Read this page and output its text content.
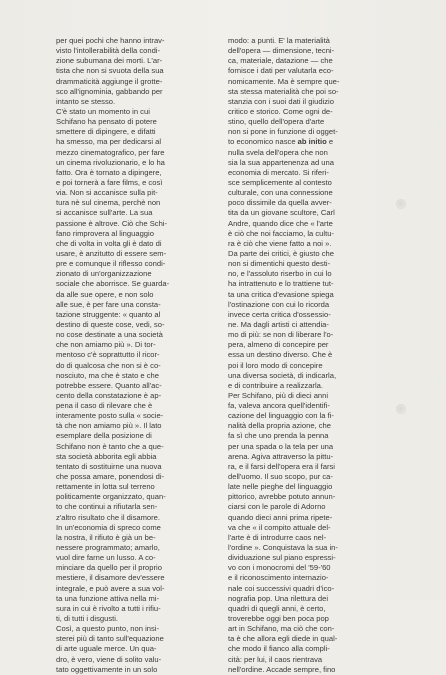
per quei pochi che hanno intrav-
visto l'intollerabilità della condi-
zione subumana dei morti. L'ar-
tista che non si svuota della sua
drammaticità aggiunge il grotte-
sco all'ignominia, gabbando per
intanto se stesso.
C'è stato un momento in cui
Schifano ha pensato di potere
smettere di dipingere, e difatti
ha smesso, ma per dedicarsi al
mezzo cinematografico, per fare
un cinema rivoluzionario, e lo ha
fatto. Ora è tornato a dipingere,
e poi tornerà a fare films, e così
via. Non si accanisce sulla pit-
tura nè sul cinema, perchè non
si accanisce sull'arte. La sua
passione è altrove. Ciò che Schi-
fano rimprovera al linguaggio
che di volta in volta gli è dato di
usare, è anzitutto di essere sem-
pre e comunque il riflesso condi-
zionato di un'organizzazione
sociale che aborrisce. Se guarda-
da alle sue opere, e non solo
alle sue, è per fare una consta-
tazione struggente: « quanto al
destino di queste cose, vedi, so-
no cose destinate a una società
che non amiamo più ». Di tor-
mentoso c'è soprattutto il ricor-
do di qualcosa che non si è co-
nosciuto, ma che è stato e che
potrebbe essere. Quanto all'ac-
cento della constatazione è ap-
pena il caso di rilevare che è
interamente posto sulla « socie-
tà che non amiamo più ». Il lato
esemplare della posizione di
Schifano non è tanto che a que-
sta società abborita egli abbia
tentato di sostituirne una nuova
che possa amare, ponendosi di-
rettamente in lotta sul terreno
politicamente organizzato, quan-
to che continui a rifiutarla sen-
z'altro risultato che il disamore.
In un'economia di spreco come
la nostra, il rifiuto è già un be-
nessere programmato; amarlo,
vuol dire farne un lusso. A co-
minciare da quello per il proprio
mestiere, il disamore dev'essere
integrale, e può avere a sua vol-
ta una funzione attiva nella mi-
sura in cui è rivolto a tutti i rifiu-
ti, di tutti i disgusti.
Così, a questo punto, non insi-
sterei più di tanto sull'equazione
di arte uguale merce. Un qua-
dro, è vero, viene di solito valu-
tato oggettivamente in un solo
modo: a punti. E' la materialità
dell'opera — dimensione, tecni-
ca, materiale, datazione — che
fornisce i dati per valutarla eco-
nomicamente. Ma è sempre que-
sta stessa materialità che poi so-
stanzia con i suoi dati il giudizio
critico e storico. Come ogni de-
stino, quello dell'opera d'arte
non si pone in funzione di ogget-
to economico nasce ab initio e
nulla svela dell'opera che non
sia la sua appartenenza ad una
economia di mercato. Si riferi-
sce semplicemente al contesto
culturale, con una connessione
poco dissimile da quella avver-
tita da un giovane scultore, Carl
Andre, quando dice che « l'arte
è ciò che noi facciamo, la cultu-
ra è ciò che viene fatto a noi ».
Da parte dei critici, è giusto che
non si dimentichi questo desti-
no, e l'assoluto riserbo in cui lo
ha intrattenuto e lo trattiene tut-
ta una critica d'evasione spiega
l'ostinazione con cui lo ricorda
invece certa critica d'ossessio-
ne. Ma dagli artisti ci attendia-
mo di più: se non di liberare l'o-
pera, almeno di concepire per
essa un destino diverso. Che è
poi il loro modo di concepire
una diversa società, di indicarla,
e di contribuire a realizzarla.
Per Schifano, più di dieci anni
fa, valeva ancora quell'identifi-
cazione del linguaggio con la fi-
nalità della propria azione, che
fa sì che uno prenda la penna
per una spada o la tela per una
arena. Agiva attraverso la pittu-
ra, e il farsi dell'opera era il farsi
dell'uomo. Il suo scopo, pur ca-
late nelle pieghe del linguaggio
pittorico, avrebbe potuto annun-
ciarsi con le parole di Adorno
quando dieci anni prima ripete-
va che « il compito attuale del-
l'arte è di introdurre caos nel-
l'ordine ». Conquistava la sua in-
dividuazione sul piano espressi-
vo con i monocromi del '59-'60
e il riconoscimento internazio-
nale coi successivi quadri d'ico-
nografia pop. Una rilettura dei
quadri di quegli anni, è certo,
troverebbe oggi ben poca pop
art in Schifano, ma ciò che con-
ta è che allora egli diede in qual-
che modo il fianco alla compli-
cità: per lui, il caos rientrava
nell'ordine. Accade sempre, fino
